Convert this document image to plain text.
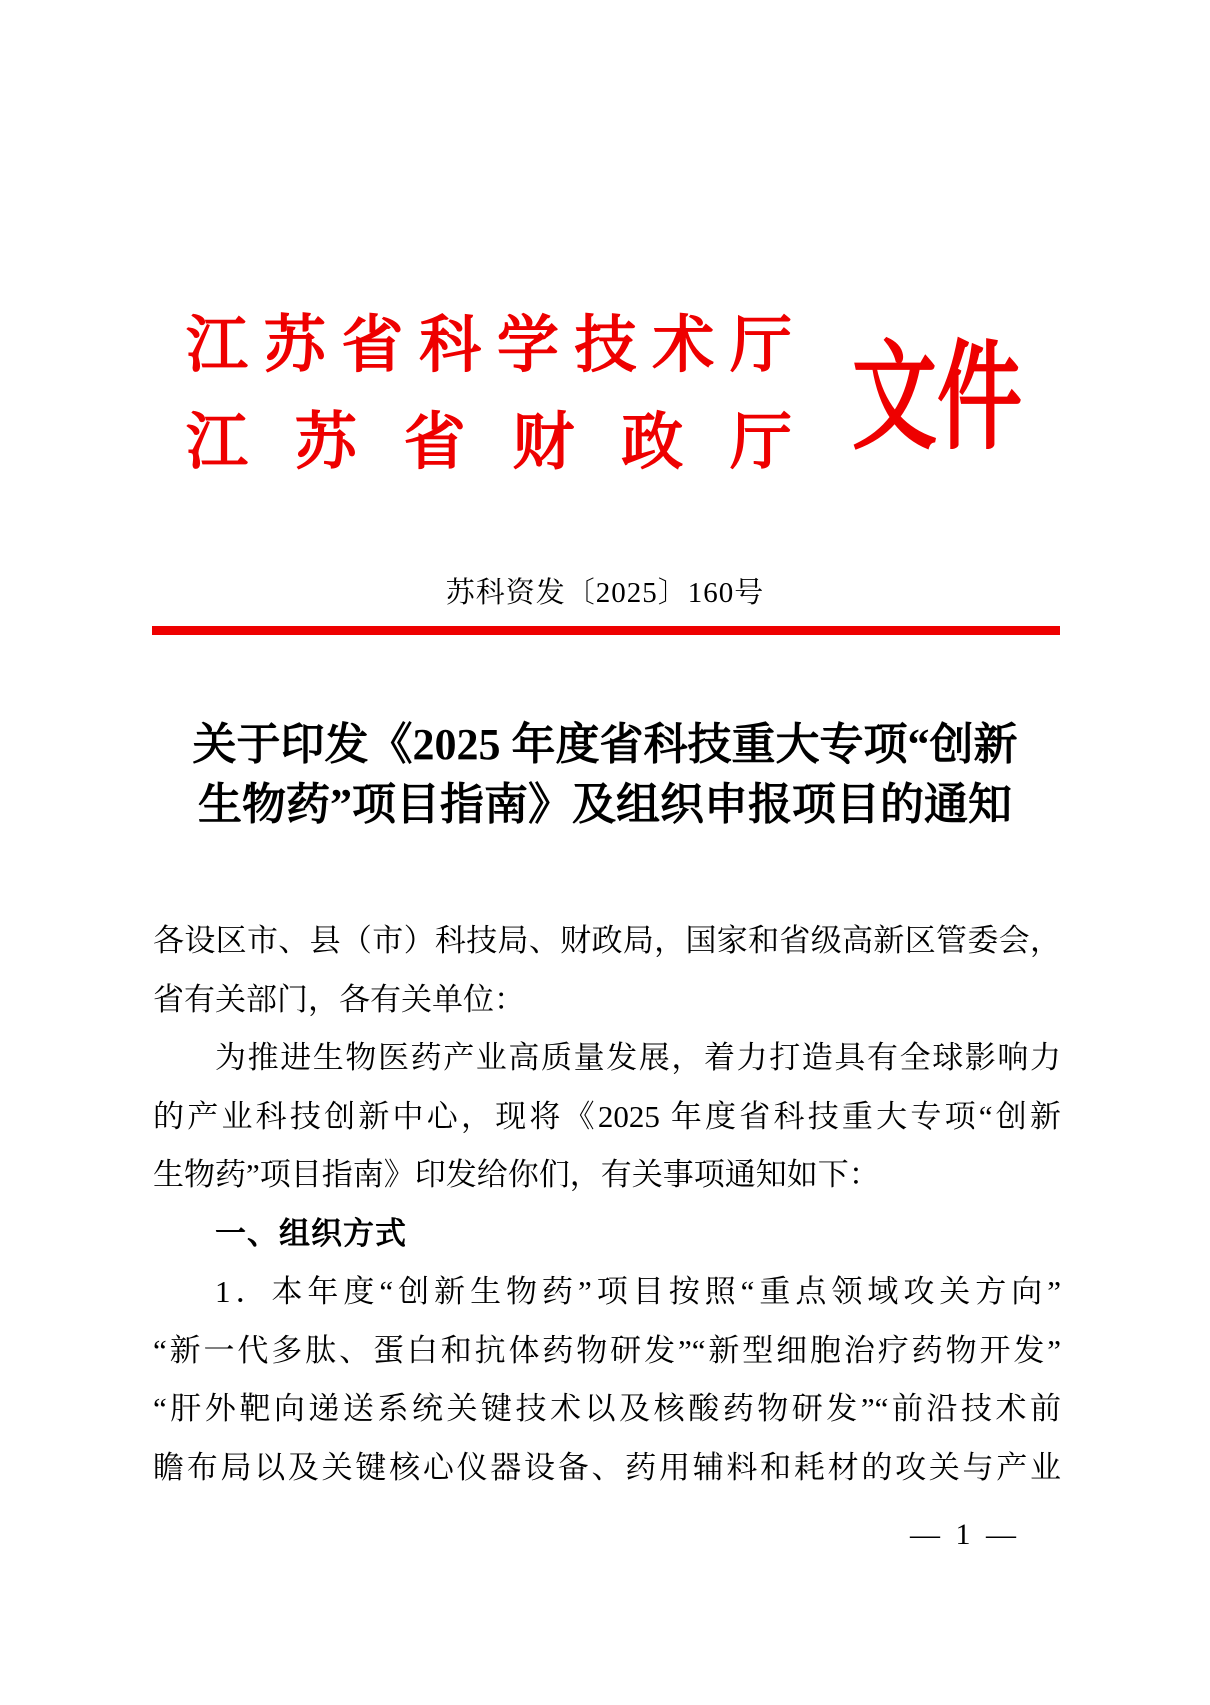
江苏省科学技术厅
江苏省财政厅 文件
苏科资发〔2025〕160号
关于印发《2025 年度省科技重大专项“创新
生物药”项目指南》及组织申报项目的通知

各设区市、县（市）科技局、财政局，国家和省级高新区管委会，

省有关部门，各有关单位：

为推进生物医药产业高质量发展，着力打造具有全球影响力

的产业科技创新中心，现将《2025 年度省科技重大专项“创新

生物药”项目指南》印发给你们，有关事项通知如下：

一、组织方式

1．本年度“创新生物药”项目按照“重点领域攻关方向”

“新一代多肽、蛋白和抗体药物研发”“新型细胞治疗药物开发”

“肝外靶向递送系统关键技术以及核酸药物研发”“前沿技术前

瞻布局以及关键核心仪器设备、药用辅料和耗材的攻关与产业

— 1 —
